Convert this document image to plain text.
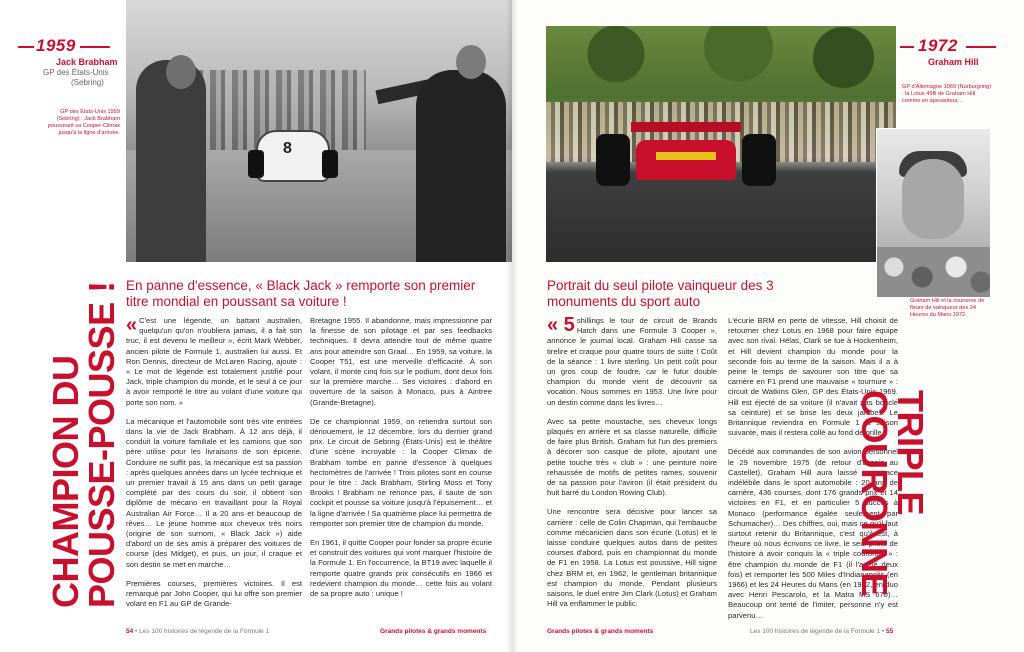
1959
Jack Brabham
GP des États-Unis
(Sebring)
GP des États-Unis 1959 (Sebring) : Jack Brabham pousseant sa Cooper-Climax jusqu'à la ligne d'arrivée.
8
CHAMPION DU POUSSE-POUSSE ! En panne d'essence, « Black Jack » remporte son premier titre mondial en poussant sa voiture !
« C'est une légende, un battant australien, quelqu'un qu'on n'oubliera jamais, il a fait son truc, il est devenu le meilleur », écrit Mark Webber, ancien pilote de Formule 1, australien lui aussi. Et Ron Dennis, directeur de McLaren Racing, ajoute : « Le mot de légende est totalement justifié pour Jack, triple champion du monde, et le seul à ce jour à avoir remporté le titre au volant d'une voiture qui porte son nom. »

La mécanique et l'automobile sont très vite entrées dans la vie de Jack Brabham. À 12 ans déjà, il conduit la voiture familiale et les camions que son père utilise pour les livraisons de son épicerie. Conduire ne suffit pas, la mécanique est sa passion : après quelques années dans un lycée technique et un premier travail à 15 ans dans un petit garage complété par des cours du soir, il obtient son diplôme de mécano en travaillant pour la Royal Australian Air Force… Il a 20 ans et beaucoup de rêves… Le jeune homme aux cheveux très noirs (origine de son surnom, « Black Jack ») aide d'abord un de ses amis à préparer des voitures de course (des Midget), et puis, un jour, il craque et son destin se met en marche…

Premières courses, premières victoires. Il est remarqué par John Cooper, qui lui offre son premier volant en F1 au GP de Grande-

Bretagne 1955. Il abandonne, mais impressionne par la finesse de son pilotage et par ses feedbacks techniques. Il devra attendre tout de même quatre ans pour atteindre son Graal… En 1959, sa voiture, la Cooper T51, est une merveille d'efficacité. À son volant, il monte cinq fois sur le podium, dont deux fois sur la première marche… Ses victoires : d'abord en ouverture de la saison à Monaco, puis à Aintree (Grande-Bretagne).

De ce championnat 1959, on retiendra surtout son dénouement, le 12 décembre, lors du dernier grand prix. Le circuit de Sebring (États-Unis) est le théâtre d'une scène incroyable : la Cooper Climax de Brabham tombe en panne d'essence à quelques hectomètres de l'arrivée ! Trois pilotes sont en course pour le titre : Jack Brabham, Stirling Moss et Tony Brooks ! Brabham ne renonce pas, il saute de son cockpit et pousse sa voiture jusqu'à l'épuisement… et la ligne d'arrivée ! Sa quatrième place lui permettra de remporter son premier titre de champion du monde.

En 1961, il quitte Cooper pour fonder sa propre écurie et construit des voitures qui vont marquer l'histoire de la Formule 1. En l'occurrence, la BT19 avec laquelle il remporte quatre grands prix consécutifs en 1966 et redevient champion du monde… cette fois au volant de sa propre auto : unique !

54 • Les 100 histoires de légende de la Formule 1	Grands pilotes & grands moments
1972
Graham Hill
GP d'Allemagne 1969 (Nürburgring) : la Lotus 49B de Graham Hill comme en apesanteur…
Graham Hill et la couronne de fleurs de vainqueur des 24 Heures du Mans 1972.
Portrait du seul pilote vainqueur des 3 monuments du sport auto
« 5 shillings le tour de circuit de Brands Hatch dans une Formule 3 Cooper », annonce le journal local. Graham Hill casse sa tirelire et craque pour quatre tours de suite ! Coût de la séance : 1 livre sterling. Un petit coût pour un gros coup de foudre, car le futur double champion du monde vient de découvrir sa vocation. Nous sommes en 1953. Une livre pour un destin comme dans les livres…

Avec sa petite moustache, ses cheveux longs plaqués en arrière et sa classe naturelle, difficile de faire plus British. Graham fut l'un des premiers à décorer son casque de pilote, ajoutant une petite touche très « club » : une peinture noire rehaussée de motifs de petites rames, souvenir de sa passion pour l'aviron (il était président du huit barré du London Rowing Club).

Une rencontre sera décisive pour lancer sa carrière : celle de Colin Chapman, qui l'embauche comme mécanicien dans son écurie (Lotus) et le laisse conduire quelques autos dans de petites courses d'abord, puis en championnat du monde de F1 en 1958. La Lotus est poussive, Hill signe chez BRM et, en 1962, le gentleman britannique est champion du monde. Pendant plusieurs saisons, le duel entre Jim Clark (Lotus) et Graham Hill va enflammer le public.

L'écurie BRM en perte de vitesse, Hill choisit de retourner chez Lotus en 1968 pour faire équipe avec son rival. Hélas, Clark se tue à Hockenheim, et Hill devient champion du monde pour la seconde fois au terme de la saison. Mais il a à peine le temps de savourer son titre que sa carrière en F1 prend une mauvaise « tournure » : circuit de Watkins Glen, GP des États-Unis 1969. Hill est éjecté de sa voiture (il n'avait pas bouclé sa ceinture) et se brise les deux jambes. Le Britannique reviendra en Formule 1 la saison suivante, mais il restera collé au fond de grille…

Décédé aux commandes de son avion personnel le 29 novembre 1975 (de retour d'essais au Castellet), Graham Hill aura laissé une trace indélébile dans le sport automobile : 20 ans de carrière, 436 courses, dont 176 grands prix et 14 victoires en F1, et en particulier 5 succès à Monaco (performance égalée seulement par Schumacher)… Des chiffres, oui, mais ce qu'il faut surtout retenir du Britannique, c'est qu'il est, à l'heure où nous écrivons ce livre, le seul pilote de l'histoire à avoir conquis la « triple couronne » : être champion du monde de F1 (il l'a été deux fois) et remporter les 500 Miles d'Indianapolis (en 1966) et les 24 Heures du Mans (en 1972, en duo avec Henri Pescarolo, et la Matra MS 670)… Beaucoup ont tenté de l'imiter, personne n'y est parvenu…

TRIPLE COURONNE
Grands pilotes & grands moments	Les 100 histoires de légende de la Formule 1 • 55
